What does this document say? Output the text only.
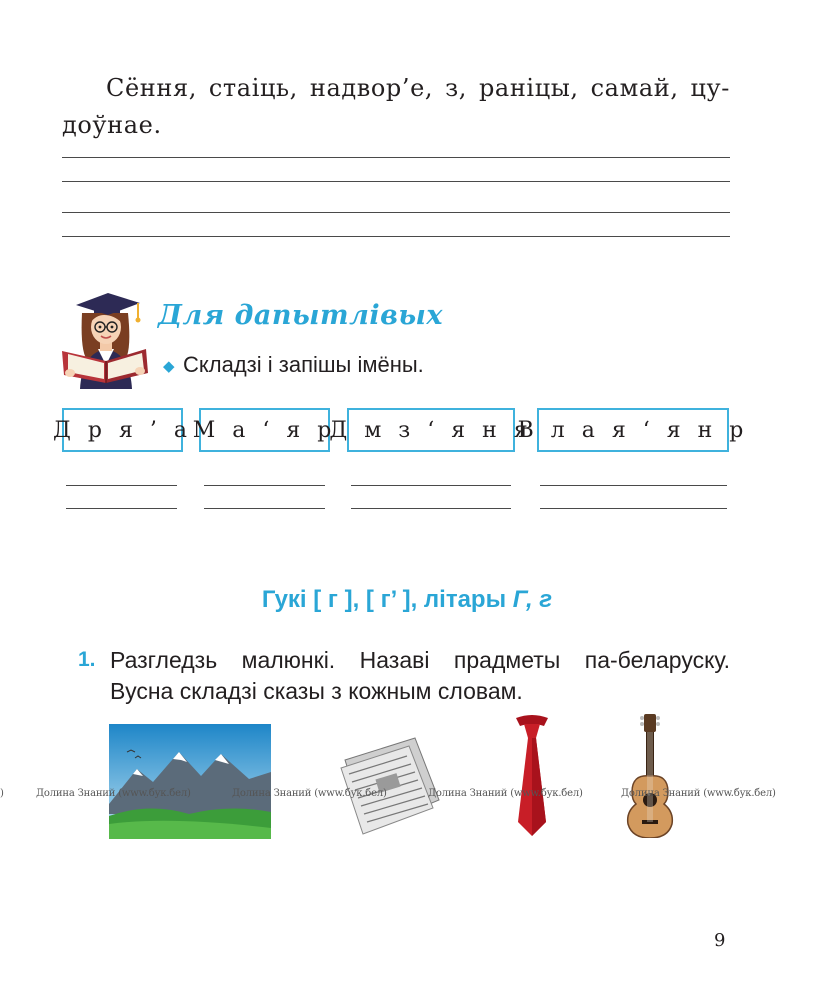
Сёння, стаіць, надвор’е, з, раніцы, самай, цу-
доўнае.
Для дапытлівых
◆ Складзі і запішы імёны.
Д р я ’ а М а ‘ я р
Д м з ‘ я н я
В л а я ‘ я н р
Гукі [ г ], [ г’ ], літары Г, г
1. Разгледзь малюнкі. Назаві прадметы па-беларуску.
Вусна складзі сказы з кожным словам.
)	Долина Знаний (www.бук.бел)	Долина Знаний (www.бук.бел)	Долина Знаний (www.бук.бел)	Долина Знаний (www.бук.бел)
9
